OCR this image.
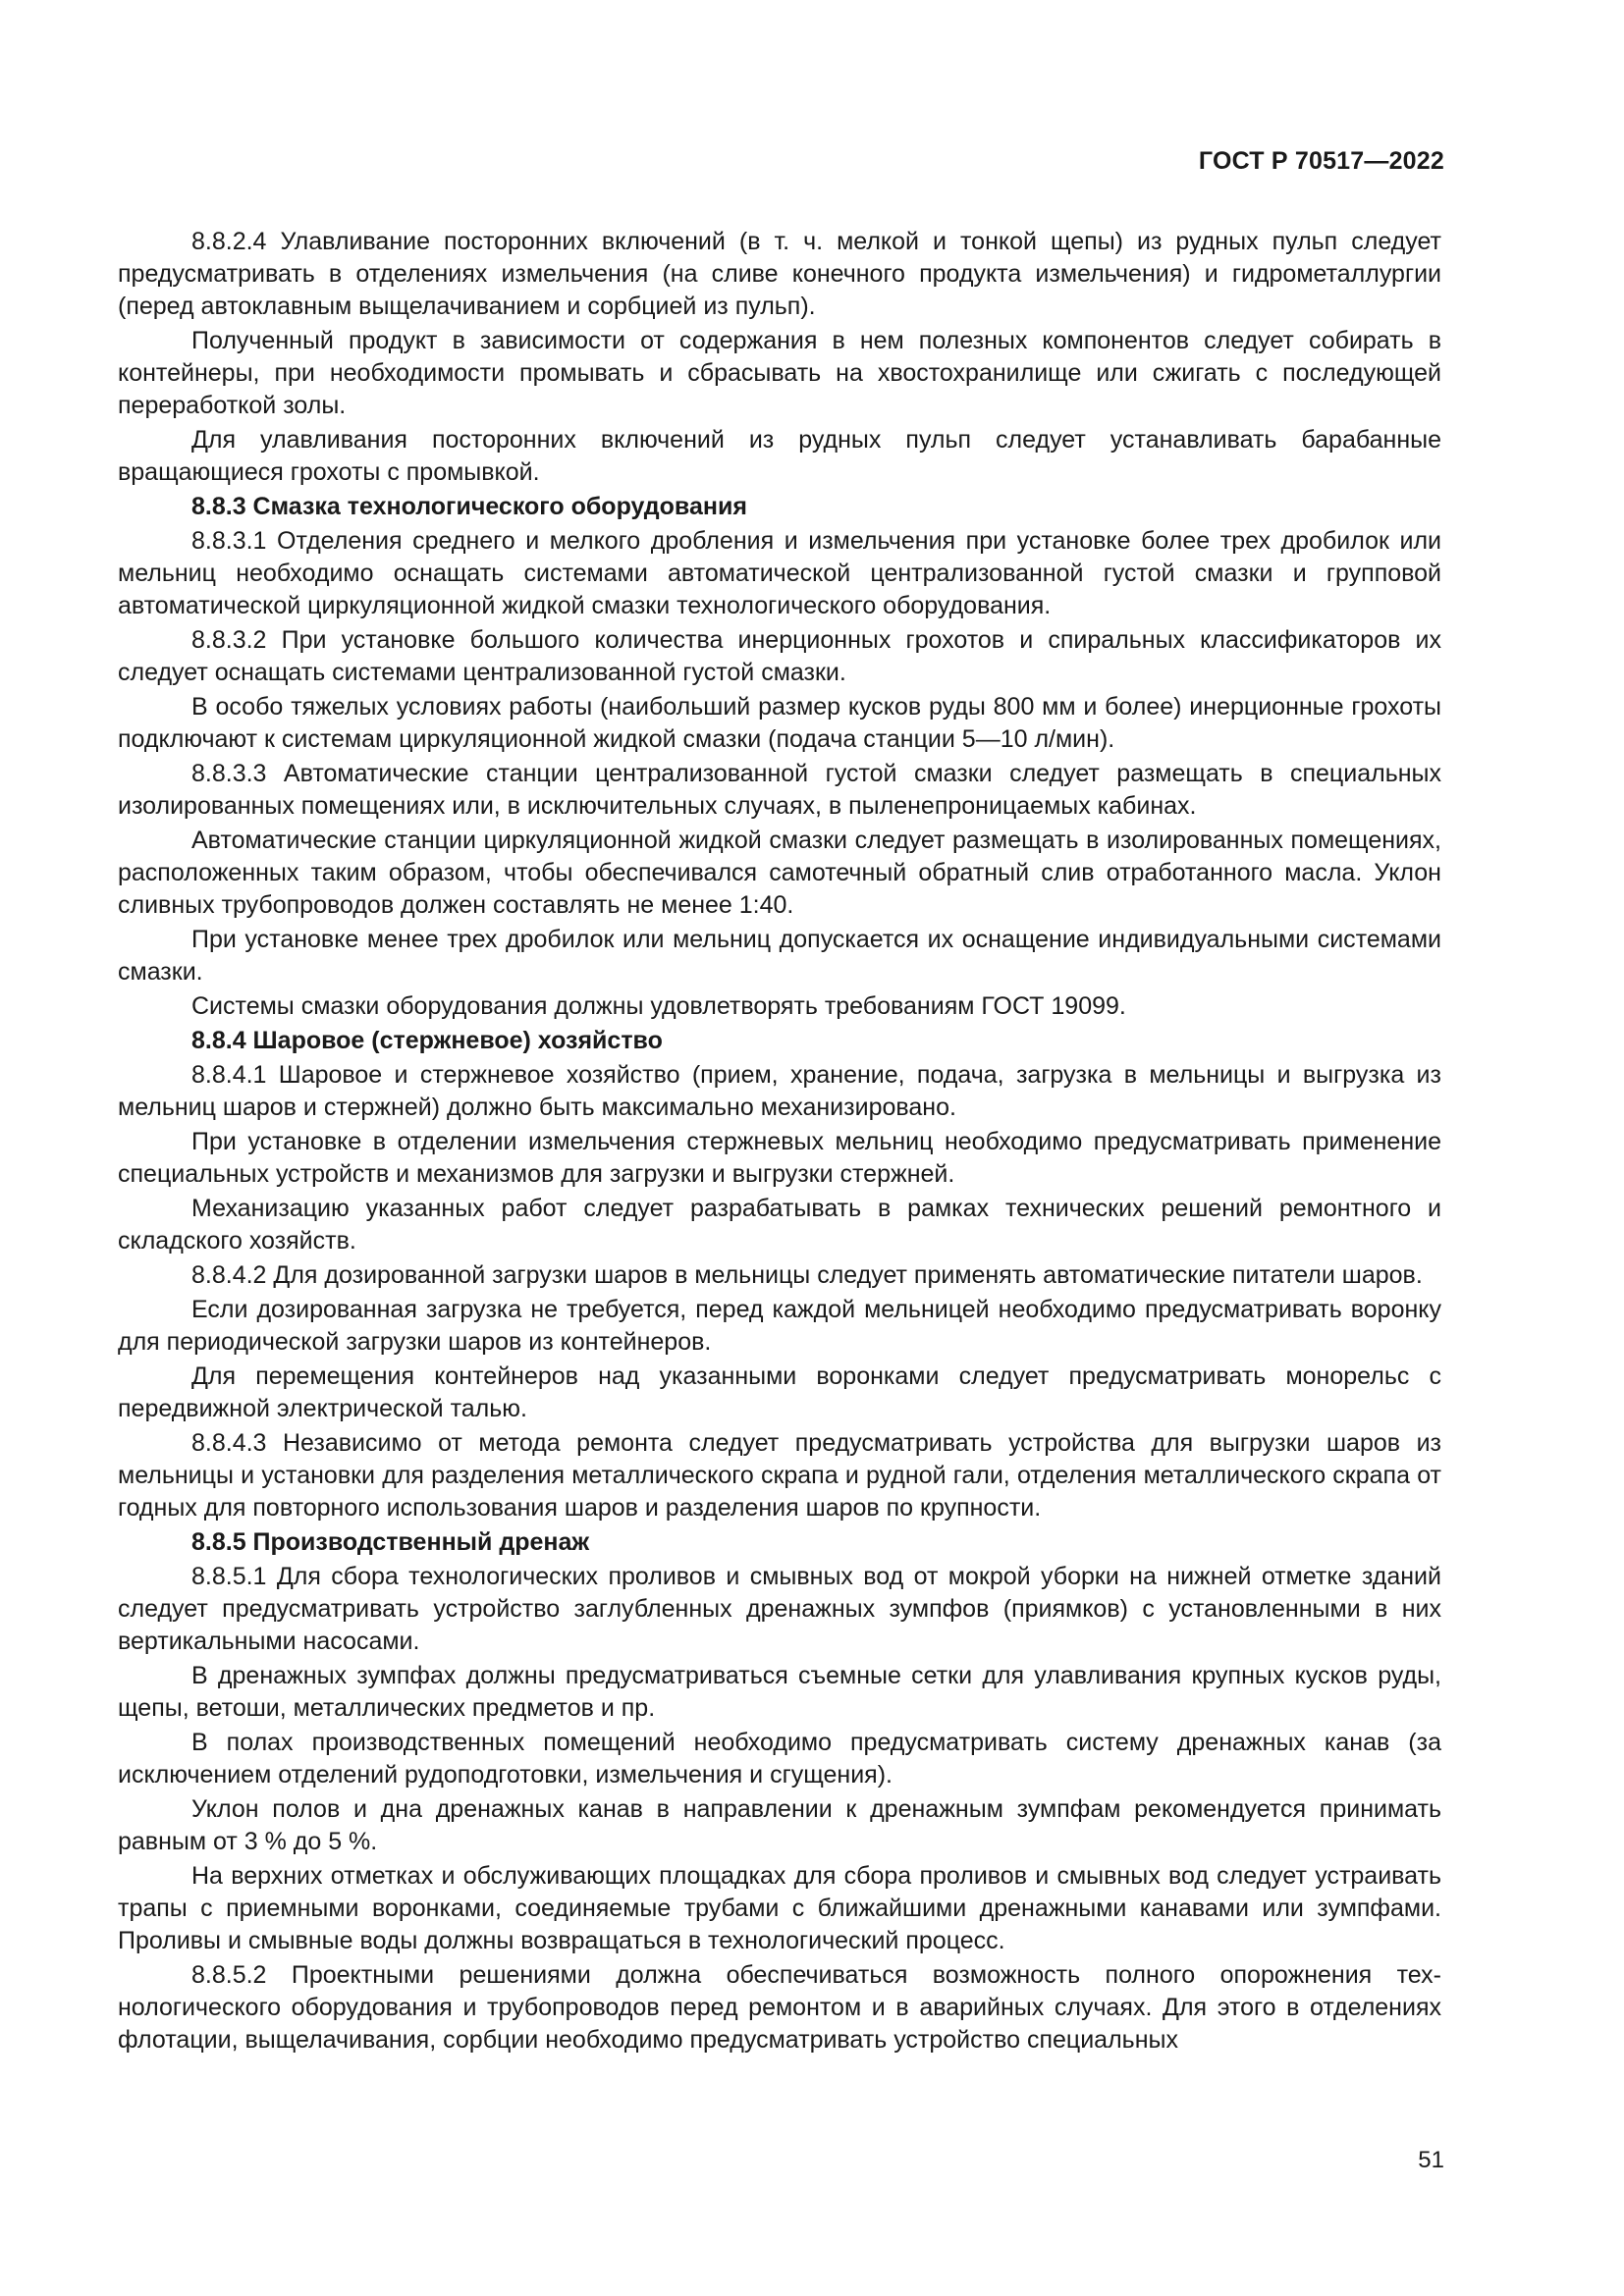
ГОСТ Р 70517—2022

8.8.2.4 Улавливание посторонних включений (в т. ч. мелкой и тонкой щепы) из рудных пульп следует предусматривать в отделениях измельчения (на сливе конечного продукта измельчения) и гидрометаллургии (перед автоклавным выщелачиванием и сорбцией из пульп).

Полученный продукт в зависимости от содержания в нем полезных компонентов следует собирать в контейнеры, при необходимости промывать и сбрасывать на хвостохранилище или сжигать с последующей переработкой золы.

Для улавливания посторонних включений из рудных пульп следует устанавливать барабанные вращающиеся грохоты с промывкой.

8.8.3 Смазка технологического оборудования

8.8.3.1 Отделения среднего и мелкого дробления и измельчения при установке более трех дробилок или мельниц необходимо оснащать системами автоматической централизованной густой смазки и групповой автоматической циркуляционной жидкой смазки технологического оборудования.

8.8.3.2 При установке большого количества инерционных грохотов и спиральных классификаторов их следует оснащать системами централизованной густой смазки.

В особо тяжелых условиях работы (наибольший размер кусков руды 800 мм и более) инерционные грохоты подключают к системам циркуляционной жидкой смазки (подача станции 5—10 л/мин).

8.8.3.3 Автоматические станции централизованной густой смазки следует размещать в специальных изолированных помещениях или, в исключительных случаях, в пыленепроницаемых кабинах.

Автоматические станции циркуляционной жидкой смазки следует размещать в изолированных помещениях, расположенных таким образом, чтобы обеспечивался самотечный обратный слив отработанного масла. Уклон сливных трубопроводов должен составлять не менее 1:40.

При установке менее трех дробилок или мельниц допускается их оснащение индивидуальными системами смазки.

Системы смазки оборудования должны удовлетворять требованиям ГОСТ 19099.

8.8.4 Шаровое (стержневое) хозяйство

8.8.4.1 Шаровое и стержневое хозяйство (прием, хранение, подача, загрузка в мельницы и выгрузка из мельниц шаров и стержней) должно быть максимально механизировано.

При установке в отделении измельчения стержневых мельниц необходимо предусматривать применение специальных устройств и механизмов для загрузки и выгрузки стержней.

Механизацию указанных работ следует разрабатывать в рамках технических решений ремонтного и складского хозяйств.

8.8.4.2 Для дозированной загрузки шаров в мельницы следует применять автоматические питатели шаров.

Если дозированная загрузка не требуется, перед каждой мельницей необходимо предусматривать воронку для периодической загрузки шаров из контейнеров.

Для перемещения контейнеров над указанными воронками следует предусматривать монорельс с передвижной электрической талью.

8.8.4.3 Независимо от метода ремонта следует предусматривать устройства для выгрузки шаров из мельницы и установки для разделения металлического скрапа и рудной гали, отделения металлического скрапа от годных для повторного использования шаров и разделения шаров по крупности.

8.8.5 Производственный дренаж

8.8.5.1 Для сбора технологических проливов и смывных вод от мокрой уборки на нижней отметке зданий следует предусматривать устройство заглубленных дренажных зумпфов (приямков) с установленными в них вертикальными насосами.

В дренажных зумпфах должны предусматриваться съемные сетки для улавливания крупных кусков руды, щепы, ветоши, металлических предметов и пр.

В полах производственных помещений необходимо предусматривать систему дренажных канав (за исключением отделений рудоподготовки, измельчения и сгущения).

Уклон полов и дна дренажных канав в направлении к дренажным зумпфам рекомендуется принимать равным от 3 % до 5 %.

На верхних отметках и обслуживающих площадках для сбора проливов и смывных вод следует устраивать трапы с приемными воронками, соединяемые трубами с ближайшими дренажными канавами или зумпфами. Проливы и смывные воды должны возвращаться в технологический процесс.

8.8.5.2 Проектными решениями должна обеспечиваться возможность полного опорожнения технологического оборудования и трубопроводов перед ремонтом и в аварийных случаях. Для этого в отделениях флотации, выщелачивания, сорбции необходимо предусматривать устройство специальных

51
